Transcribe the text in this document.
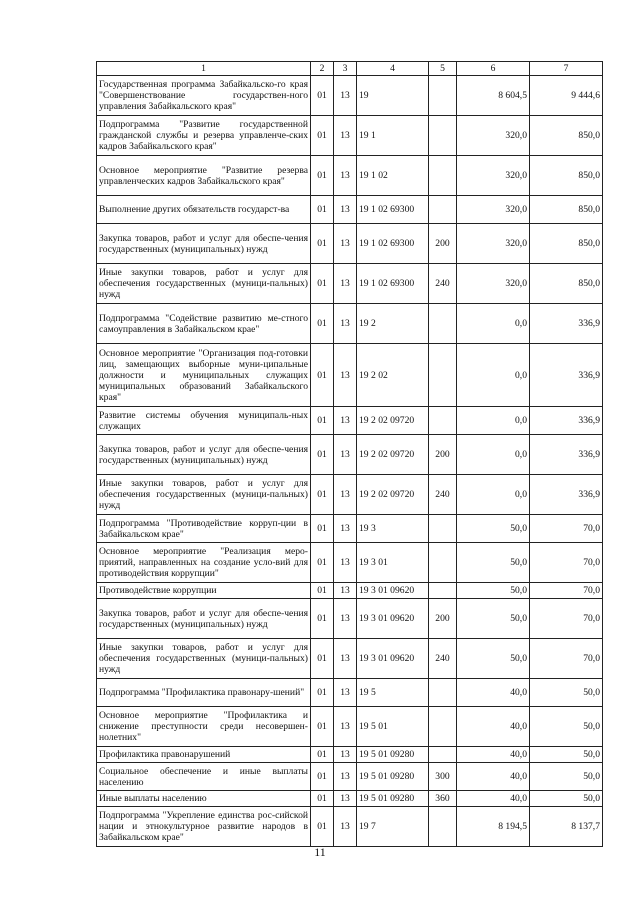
1	2	3	4	5	6	7
Государственная программа Забайкальско-го края "Совершенствование государствен-ного управления Забайкальского края"	01	13	19		8 604,5	9 444,6
Подпрограмма "Развитие государственной гражданской службы и резерва управленче-ских кадров Забайкальского края"	01	13	19 1		320,0	850,0
Основное мероприятие "Развитие резерва управленческих кадров Забайкальского края"	01	13	19 1 02		320,0	850,0
Выполнение других обязательств государст-ва	01	13	19 1 02 69300		320,0	850,0
Закупка товаров, работ и услуг для обеспе-чения государственных (муниципальных) нужд	01	13	19 1 02 69300	200	320,0	850,0
Иные закупки товаров, работ и услуг для обеспечения государственных (муници-пальных) нужд	01	13	19 1 02 69300	240	320,0	850,0
Подпрограмма "Содействие развитию ме-стного самоуправления в Забайкальском крае"	01	13	19 2		0,0	336,9
Основное мероприятие "Организация под-готовки лиц, замещающих выборные муни-ципальные должности и муниципальных служащих муниципальных образований Забайкальского края"	01	13	19 2 02		0,0	336,9
Развитие системы обучения муниципаль-ных служащих	01	13	19 2 02 09720		0,0	336,9
Закупка товаров, работ и услуг для обеспе-чения государственных (муниципальных) нужд	01	13	19 2 02 09720	200	0,0	336,9
Иные закупки товаров, работ и услуг для обеспечения государственных (муници-пальных) нужд	01	13	19 2 02 09720	240	0,0	336,9
Подпрограмма "Противодействие корруп-ции в Забайкальском крае"	01	13	19 3		50,0	70,0
Основное мероприятие "Реализация меро-приятий, направленных на создание усло-вий для противодействия коррупции"	01	13	19 3 01		50,0	70,0
Противодействие коррупции	01	13	19 3 01 09620		50,0	70,0
Закупка товаров, работ и услуг для обеспе-чения государственных (муниципальных) нужд	01	13	19 3 01 09620	200	50,0	70,0
Иные закупки товаров, работ и услуг для обеспечения государственных (муници-пальных) нужд	01	13	19 3 01 09620	240	50,0	70,0
Подпрограмма "Профилактика правонару-шений"	01	13	19 5		40,0	50,0
Основное мероприятие "Профилактика и снижение преступности среди несовершен-нолетних"	01	13	19 5 01		40,0	50,0
Профилактика правонарушений	01	13	19 5 01 09280		40,0	50,0
Социальное обеспечение и иные выплаты населению	01	13	19 5 01 09280	300	40,0	50,0
Иные выплаты населению	01	13	19 5 01 09280	360	40,0	50,0
Подпрограмма "Укрепление единства рос-сийской нации и этнокультурное развитие народов в Забайкальском крае"	01	13	19 7		8 194,5	8 137,7
11
